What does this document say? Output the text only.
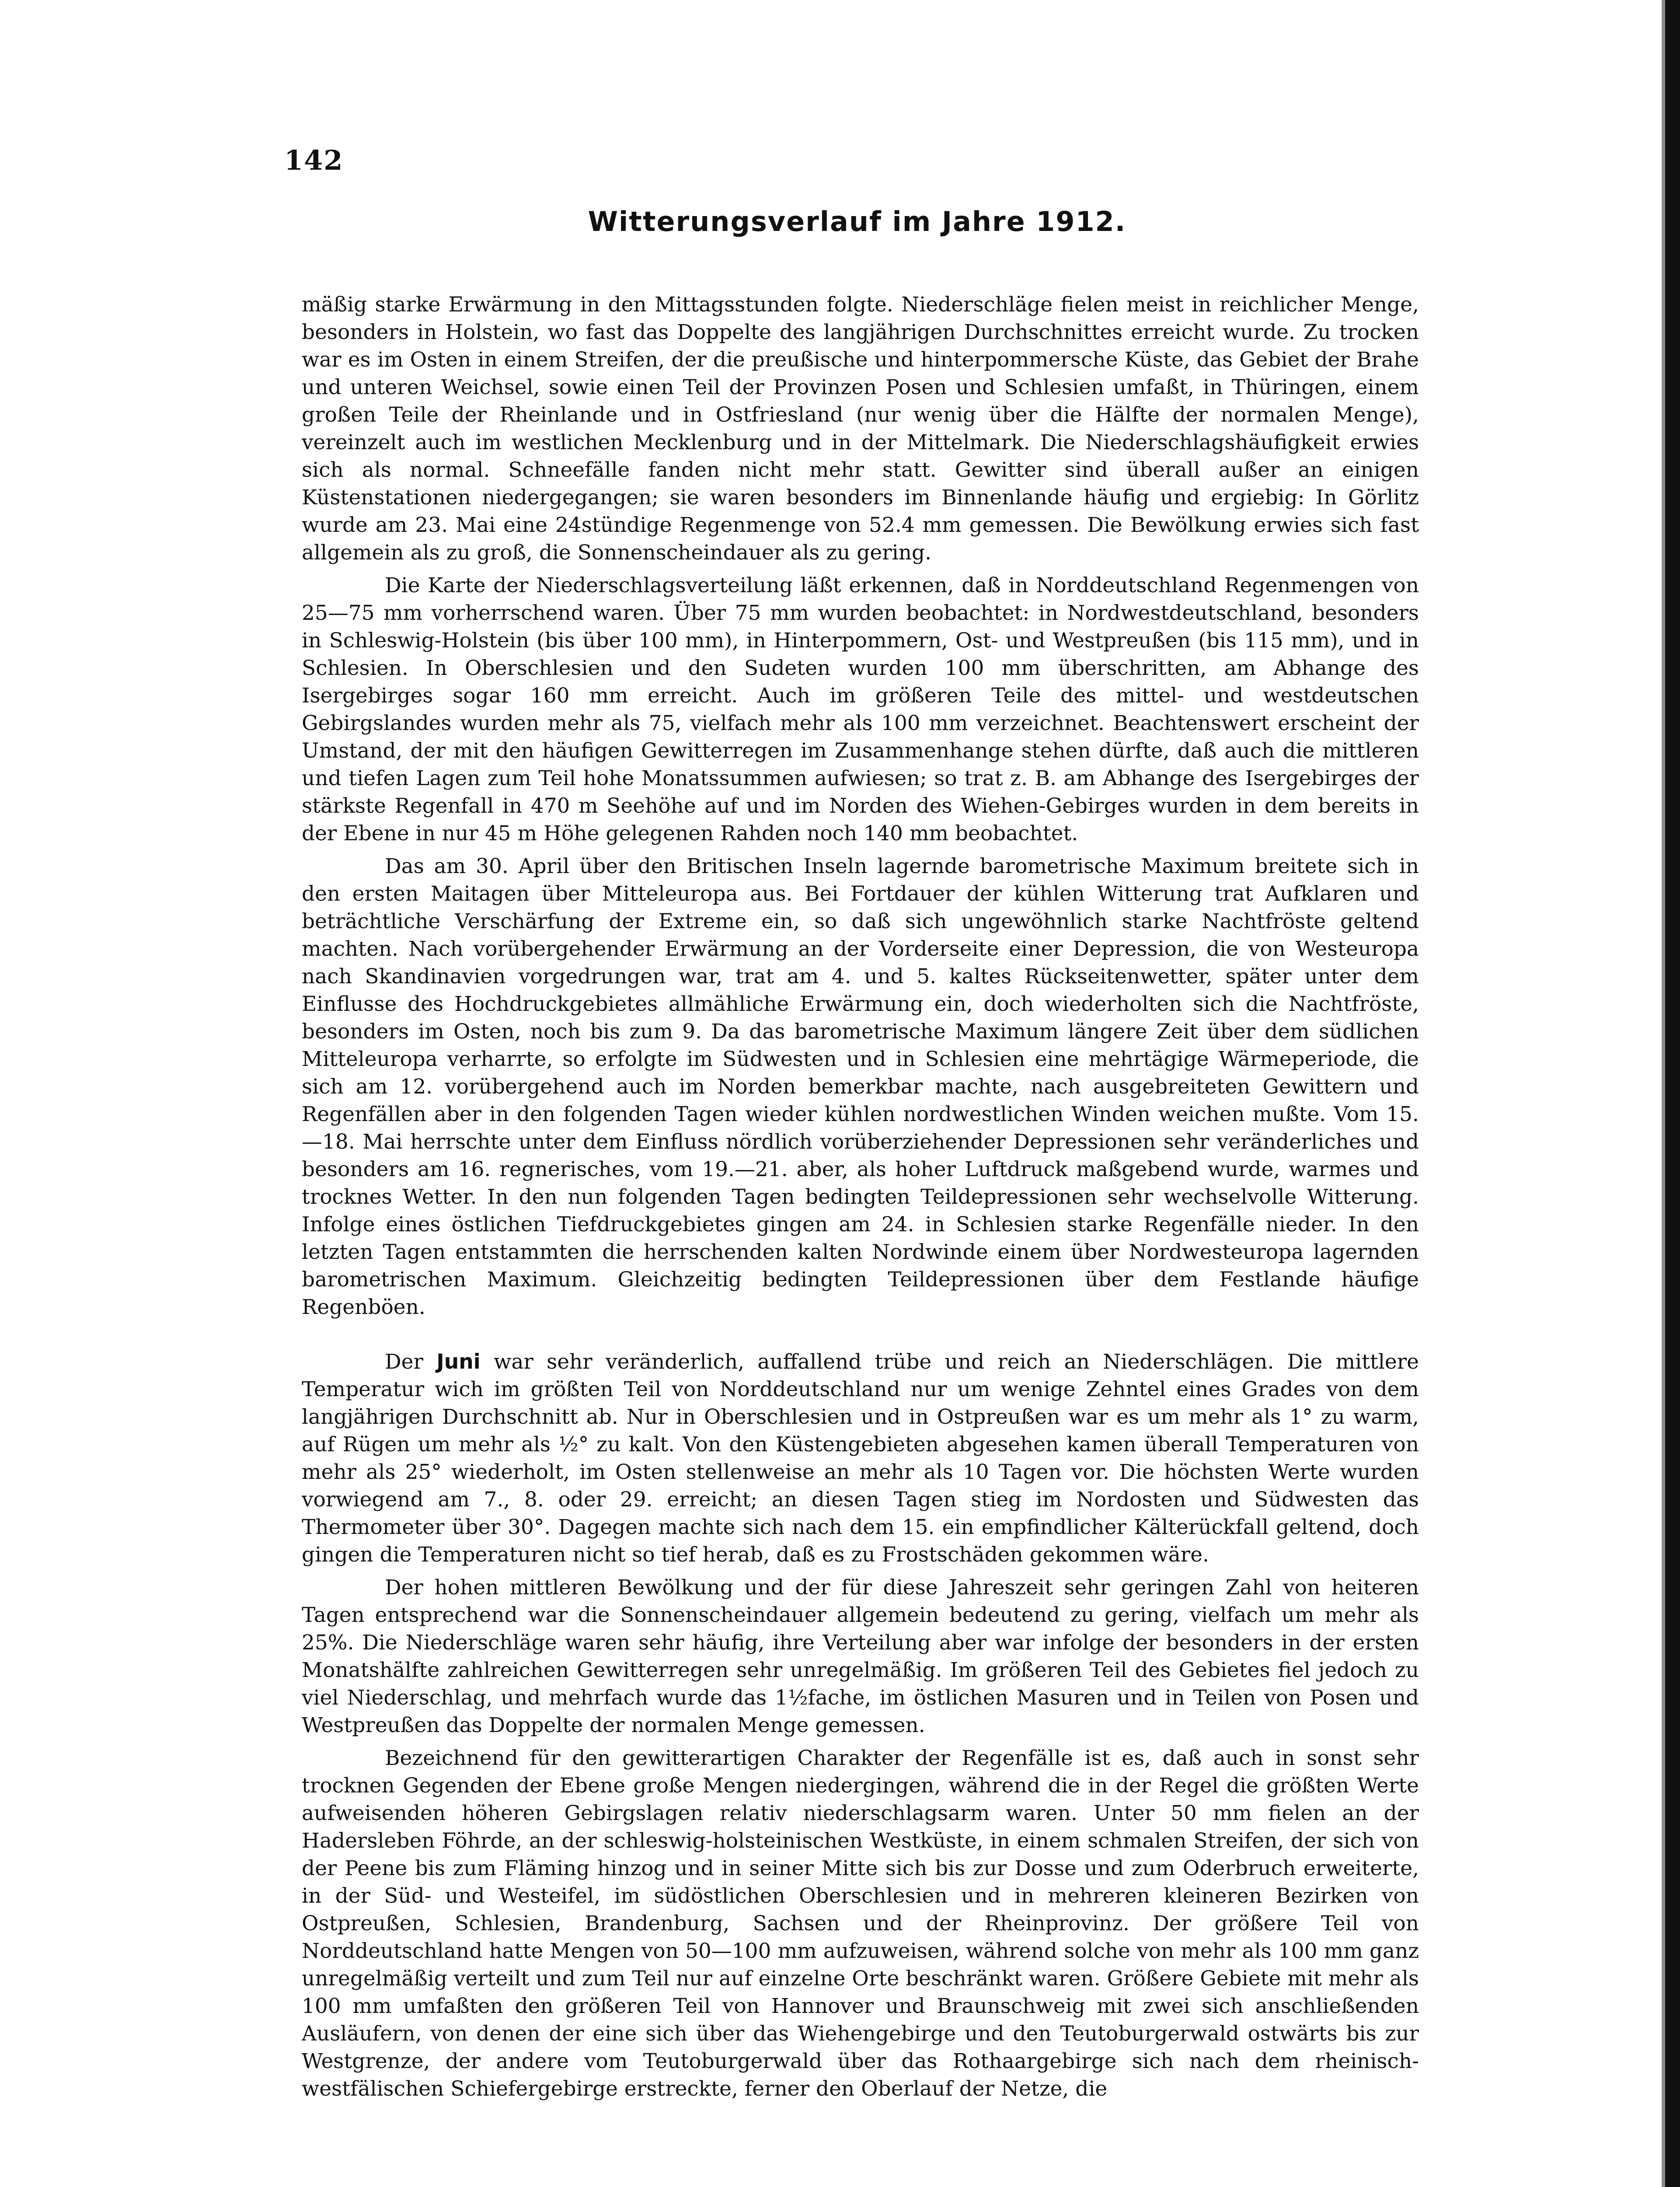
142
Witterungsverlauf im Jahre 1912.

mäßig starke Erwärmung in den Mittagsstunden folgte. Niederschläge fielen meist in reichlicher Menge, besonders in Holstein, wo fast das Doppelte des langjährigen Durchschnittes erreicht wurde. Zu trocken war es im Osten in einem Streifen, der die preußische und hinterpommersche Küste, das Gebiet der Brahe und unteren Weichsel, sowie einen Teil der Provinzen Posen und Schlesien umfaßt, in Thüringen, einem großen Teile der Rheinlande und in Ostfriesland (nur wenig über die Hälfte der normalen Menge), vereinzelt auch im westlichen Mecklenburg und in der Mittelmark. Die Niederschlagshäufigkeit erwies sich als normal. Schneefälle fanden nicht mehr statt. Gewitter sind überall außer an einigen Küstenstationen niedergegangen; sie waren besonders im Binnenlande häufig und ergiebig: In Görlitz wurde am 23. Mai eine 24stündige Regenmenge von 52.4 mm gemessen. Die Bewölkung erwies sich fast allgemein als zu groß, die Sonnenscheindauer als zu gering.

Die Karte der Niederschlagsverteilung läßt erkennen, daß in Norddeutschland Regenmengen von 25—75 mm vorherrschend waren. Über 75 mm wurden beobachtet: in Nordwestdeutschland, besonders in Schleswig-Holstein (bis über 100 mm), in Hinterpommern, Ost- und Westpreußen (bis 115 mm), und in Schlesien. In Oberschlesien und den Sudeten wurden 100 mm überschritten, am Abhange des Isergebirges sogar 160 mm erreicht. Auch im größeren Teile des mittel- und westdeutschen Gebirgslandes wurden mehr als 75, vielfach mehr als 100 mm verzeichnet. Beachtenswert erscheint der Umstand, der mit den häufigen Gewitterregen im Zusammenhange stehen dürfte, daß auch die mittleren und tiefen Lagen zum Teil hohe Monatssummen aufwiesen; so trat z. B. am Abhange des Isergebirges der stärkste Regenfall in 470 m Seehöhe auf und im Norden des Wiehen-Gebirges wurden in dem bereits in der Ebene in nur 45 m Höhe gelegenen Rahden noch 140 mm beobachtet.

Das am 30. April über den Britischen Inseln lagernde barometrische Maximum breitete sich in den ersten Maitagen über Mitteleuropa aus. Bei Fortdauer der kühlen Witterung trat Aufklaren und beträchtliche Verschärfung der Extreme ein, so daß sich ungewöhnlich starke Nachtfröste geltend machten. Nach vorübergehender Erwärmung an der Vorderseite einer Depression, die von Westeuropa nach Skandinavien vorgedrungen war, trat am 4. und 5. kaltes Rückseitenwetter, später unter dem Einflusse des Hochdruckgebietes allmähliche Erwärmung ein, doch wiederholten sich die Nachtfröste, besonders im Osten, noch bis zum 9. Da das barometrische Maximum längere Zeit über dem südlichen Mitteleuropa verharrte, so erfolgte im Südwesten und in Schlesien eine mehrtägige Wärmeperiode, die sich am 12. vorübergehend auch im Norden bemerkbar machte, nach ausgebreiteten Gewittern und Regenfällen aber in den folgenden Tagen wieder kühlen nordwestlichen Winden weichen mußte. Vom 15.—18. Mai herrschte unter dem Einfluss nördlich vorüberziehender Depressionen sehr veränderliches und besonders am 16. regnerisches, vom 19.—21. aber, als hoher Luftdruck maßgebend wurde, warmes und trocknes Wetter. In den nun folgenden Tagen bedingten Teildepressionen sehr wechselvolle Witterung. Infolge eines östlichen Tiefdruckgebietes gingen am 24. in Schlesien starke Regenfälle nieder. In den letzten Tagen entstammten die herrschenden kalten Nordwinde einem über Nordwesteuropa lagernden barometrischen Maximum. Gleichzeitig bedingten Teildepressionen über dem Festlande häufige Regenböen.

Der Juni war sehr veränderlich, auffallend trübe und reich an Niederschlägen. Die mittlere Temperatur wich im größten Teil von Norddeutschland nur um wenige Zehntel eines Grades von dem langjährigen Durchschnitt ab. Nur in Oberschlesien und in Ostpreußen war es um mehr als 1° zu warm, auf Rügen um mehr als ½° zu kalt. Von den Küstengebieten abgesehen kamen überall Temperaturen von mehr als 25° wiederholt, im Osten stellenweise an mehr als 10 Tagen vor. Die höchsten Werte wurden vorwiegend am 7., 8. oder 29. erreicht; an diesen Tagen stieg im Nordosten und Südwesten das Thermometer über 30°. Dagegen machte sich nach dem 15. ein empfindlicher Kälterückfall geltend, doch gingen die Temperaturen nicht so tief herab, daß es zu Frostschäden gekommen wäre.

Der hohen mittleren Bewölkung und der für diese Jahreszeit sehr geringen Zahl von heiteren Tagen entsprechend war die Sonnenscheindauer allgemein bedeutend zu gering, vielfach um mehr als 25%. Die Niederschläge waren sehr häufig, ihre Verteilung aber war infolge der besonders in der ersten Monatshälfte zahlreichen Gewitterregen sehr unregelmäßig. Im größeren Teil des Gebietes fiel jedoch zu viel Niederschlag, und mehrfach wurde das 1½fache, im östlichen Masuren und in Teilen von Posen und Westpreußen das Doppelte der normalen Menge gemessen.

Bezeichnend für den gewitterartigen Charakter der Regenfälle ist es, daß auch in sonst sehr trocknen Gegenden der Ebene große Mengen niedergingen, während die in der Regel die größten Werte aufweisenden höheren Gebirgslagen relativ niederschlagsarm waren. Unter 50 mm fielen an der Hadersleben Föhrde, an der schleswig-holsteinischen Westküste, in einem schmalen Streifen, der sich von der Peene bis zum Fläming hinzog und in seiner Mitte sich bis zur Dosse und zum Oderbruch erweiterte, in der Süd- und Westeifel, im südöstlichen Oberschlesien und in mehreren kleineren Bezirken von Ostpreußen, Schlesien, Brandenburg, Sachsen und der Rheinprovinz. Der größere Teil von Norddeutschland hatte Mengen von 50—100 mm aufzuweisen, während solche von mehr als 100 mm ganz unregelmäßig verteilt und zum Teil nur auf einzelne Orte beschränkt waren. Größere Gebiete mit mehr als 100 mm umfaßten den größeren Teil von Hannover und Braunschweig mit zwei sich anschließenden Ausläufern, von denen der eine sich über das Wiehengebirge und den Teutoburgerwald ostwärts bis zur Westgrenze, der andere vom Teutoburgerwald über das Rothaargebirge sich nach dem rheinisch-westfälischen Schiefergebirge erstreckte, ferner den Oberlauf der Netze, die
